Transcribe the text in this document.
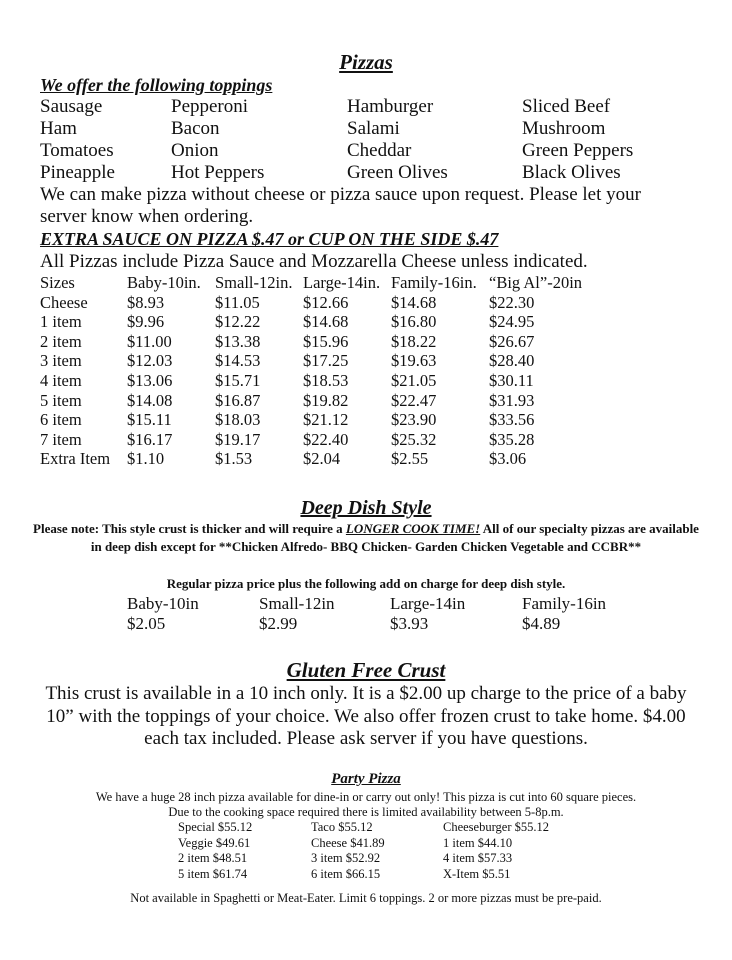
Pizzas
We offer the following toppings
Sausage	Pepperoni	Hamburger	Sliced Beef
Ham	Bacon	Salami	Mushroom
Tomatoes	Onion	Cheddar	Green Peppers
Pineapple	Hot Peppers	Green Olives	Black Olives
We can make pizza without cheese or pizza sauce upon request. Please let your server know when ordering.
EXTRA SAUCE ON PIZZA $.47 or CUP ON THE SIDE $.47
All Pizzas include Pizza Sauce and Mozzarella Cheese unless indicated.
Sizes	Baby-10in. Small-12in. Large-14in. Family-16in. “Big Al”-20in
Cheese $8.93	$11.05	$12.66	$14.68	$22.30
1 item	$9.96	$12.22	$14.68	$16.80	$24.95
2 item	$11.00	$13.38	$15.96	$18.22	$26.67
3 item	$12.03	$14.53	$17.25	$19.63	$28.40
4 item	$13.06	$15.71	$18.53	$21.05	$30.11
5 item	$14.08	$16.87	$19.82	$22.47	$31.93
6 item	$15.11	$18.03	$21.12	$23.90	$33.56
7 item	$16.17	$19.17	$22.40	$25.32	$35.28
Extra Item $1.10	$1.53	$2.04	$2.55	$3.06
Deep Dish Style
Please note: This style crust is thicker and will require a LONGER COOK TIME! All of our specialty pizzas are available in deep dish except for **Chicken Alfredo- BBQ Chicken- Garden Chicken Vegetable and CCBR**
Regular pizza price plus the following add on charge for deep dish style.
Baby-10in	Small-12in	Large-14in	Family-16in
$2.05	$2.99	$3.93	$4.89
Gluten Free Crust
This crust is available in a 10 inch only. It is a $2.00 up charge to the price of a baby 10” with the toppings of your choice. We also offer frozen crust to take home. $4.00 each tax included. Please ask server if you have questions.
Party Pizza
We have a huge 28 inch pizza available for dine-in or carry out only! This pizza is cut into 60 square pieces.
Due to the cooking space required there is limited availability between 5-8p.m.
Special $55.12	Taco $55.12	Cheeseburger $55.12
Veggie $49.61	Cheese $41.89	1 item $44.10
2 item $48.51	3 item $52.92	4 item $57.33
5 item $61.74	6 item $66.15	X-Item $5.51
Not available in Spaghetti or Meat-Eater. Limit 6 toppings. 2 or more pizzas must be pre-paid.
